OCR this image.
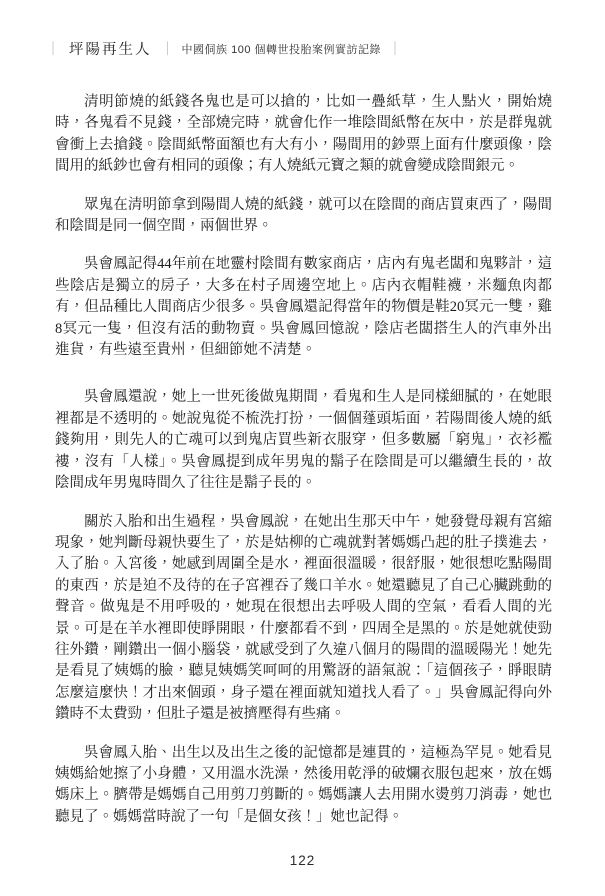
｜ 坪陽再生人 ｜ 中國侗族 100 個轉世投胎案例實訪記錄 ｜

清明節燒的紙錢各鬼也是可以搶的，比如一疊紙草，生人點火，開始燒時，各鬼看不見錢，全部燒完時，就會化作一堆陰間紙幣在灰中，於是群鬼就會衝上去搶錢。陰間紙幣面額也有大有小，陽間用的鈔票上面有什麼頭像，陰間用的紙鈔也會有相同的頭像；有人燒紙元寶之類的就會變成陰間銀元。

眾鬼在清明節拿到陽間人燒的紙錢，就可以在陰間的商店買東西了，陽間和陰間是同一個空間，兩個世界。

吳會鳳記得44年前在地靈村陰間有數家商店，店內有鬼老闆和鬼夥計，這些陰店是獨立的房子，大多在村子周邊空地上。店內衣帽鞋襪，米麵魚肉都有，但品種比人間商店少很多。吳會鳳還記得當年的物價是鞋20冥元一雙，雞8冥元一隻，但沒有活的動物賣。吳會鳳回憶說，陰店老闆搭生人的汽車外出進貨，有些遠至貴州，但細節她不清楚。

吳會鳳還說，她上一世死後做鬼期間，看鬼和生人是同樣細膩的，在她眼裡都是不透明的。她說鬼從不梳洗打扮，一個個蓬頭垢面，若陽間後人燒的紙錢夠用，則先人的亡魂可以到鬼店買些新衣服穿，但多數屬「窮鬼」，衣衫襤褸，沒有「人樣」。吳會鳳提到成年男鬼的鬍子在陰間是可以繼續生長的，故陰間成年男鬼時間久了往往是鬍子長的。

關於入胎和出生過程，吳會鳳說，在她出生那天中午，她發覺母親有宮縮現象，她判斷母親快要生了，於是姑柳的亡魂就對著媽媽凸起的肚子撲進去，入了胎。入宮後，她感到周圍全是水，裡面很溫暖，很舒服，她很想吃點陽間的東西，於是迫不及待的在子宮裡吞了幾口羊水。她還聽見了自己心臟跳動的聲音。做鬼是不用呼吸的，她現在很想出去呼吸人間的空氣，看看人間的光景。可是在羊水裡即使睜開眼，什麼都看不到，四周全是黑的。於是她就使勁往外鑽，剛鑽出一個小腦袋，就感受到了久違八個月的陽間的溫暖陽光！她先是看見了姨媽的臉，聽見姨媽笑呵呵的用驚訝的語氣說：「這個孩子，睜眼睛怎麼這麼快！才出來個頭，身子還在裡面就知道找人看了。」吳會鳳記得向外鑽時不太費勁，但肚子還是被擠壓得有些痛。

吳會鳳入胎、出生以及出生之後的記憶都是連貫的，這極為罕見。她看見姨媽給她擦了小身體，又用溫水洗澡，然後用乾淨的破爛衣服包起來，放在媽媽床上。臍帶是媽媽自己用剪刀剪斷的。媽媽讓人去用開水燙剪刀消毒，她也聽見了。媽媽當時說了一句「是個女孩！」她也記得。

122
